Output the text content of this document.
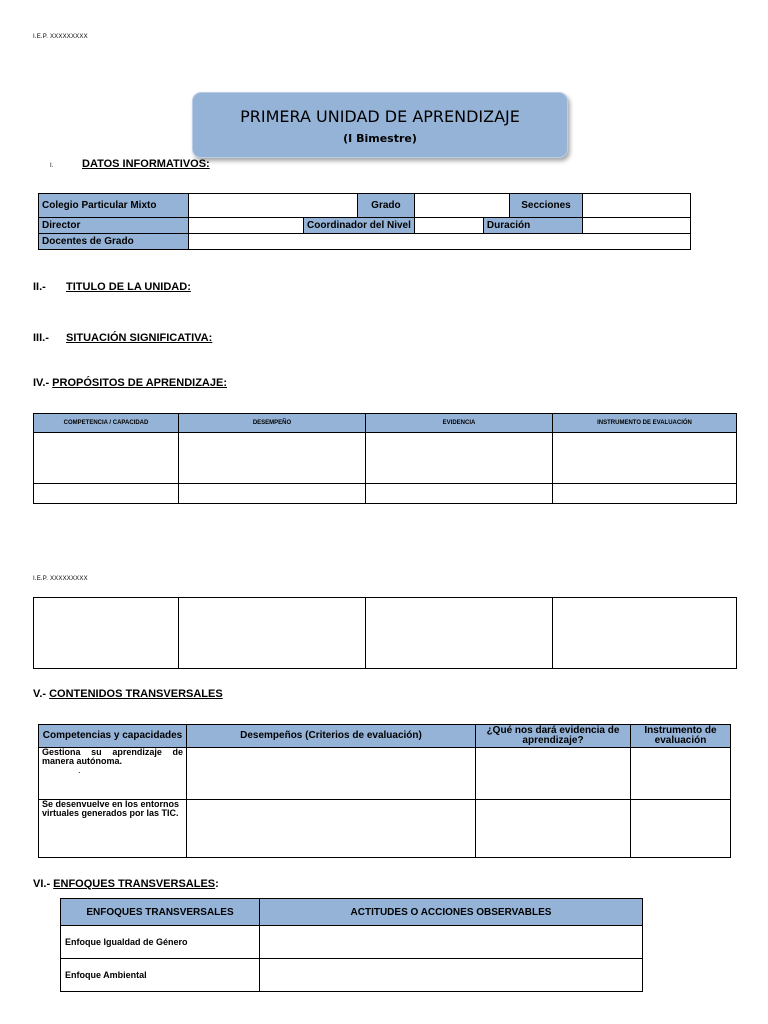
I.E.P. XXXXXXXXX
PRIMERA UNIDAD DE APRENDIZAJE
(I Bimestre)
I.	DATOS INFORMATIVOS:
Colegio Particular Mixto			Grado			Secciones	
Director		Coordinador del Nivel			Duración		
Docentes de Grado							
II.- TITULO DE LA UNIDAD:
III.- SITUACIÓN SIGNIFICATIVA:
IV.- PROPÓSITOS DE APRENDIZAJE:
COMPETENCIA / CAPACIDAD	DESEMPEÑO	EVIDENCIA	INSTRUMENTO DE EVALUACIÓN

I.E.P. XXXXXXXXX

V.- CONTENIDOS TRANSVERSALES
Competencias y capacidades	Desempeños (Criterios de evaluación)	¿Qué nos dará evidencia de aprendizaje?	Instrumento de evaluación

Gestiona su aprendizaje de manera autónoma.
.			

Se desenvuelve en los entornos virtuales generados por las TIC.			
VI.- ENFOQUES TRANSVERSALES:
ENFOQUES TRANSVERSALES	ACTITUDES O ACCIONES OBSERVABLES
Enfoque Igualdad de Género	
Enfoque Ambiental	
